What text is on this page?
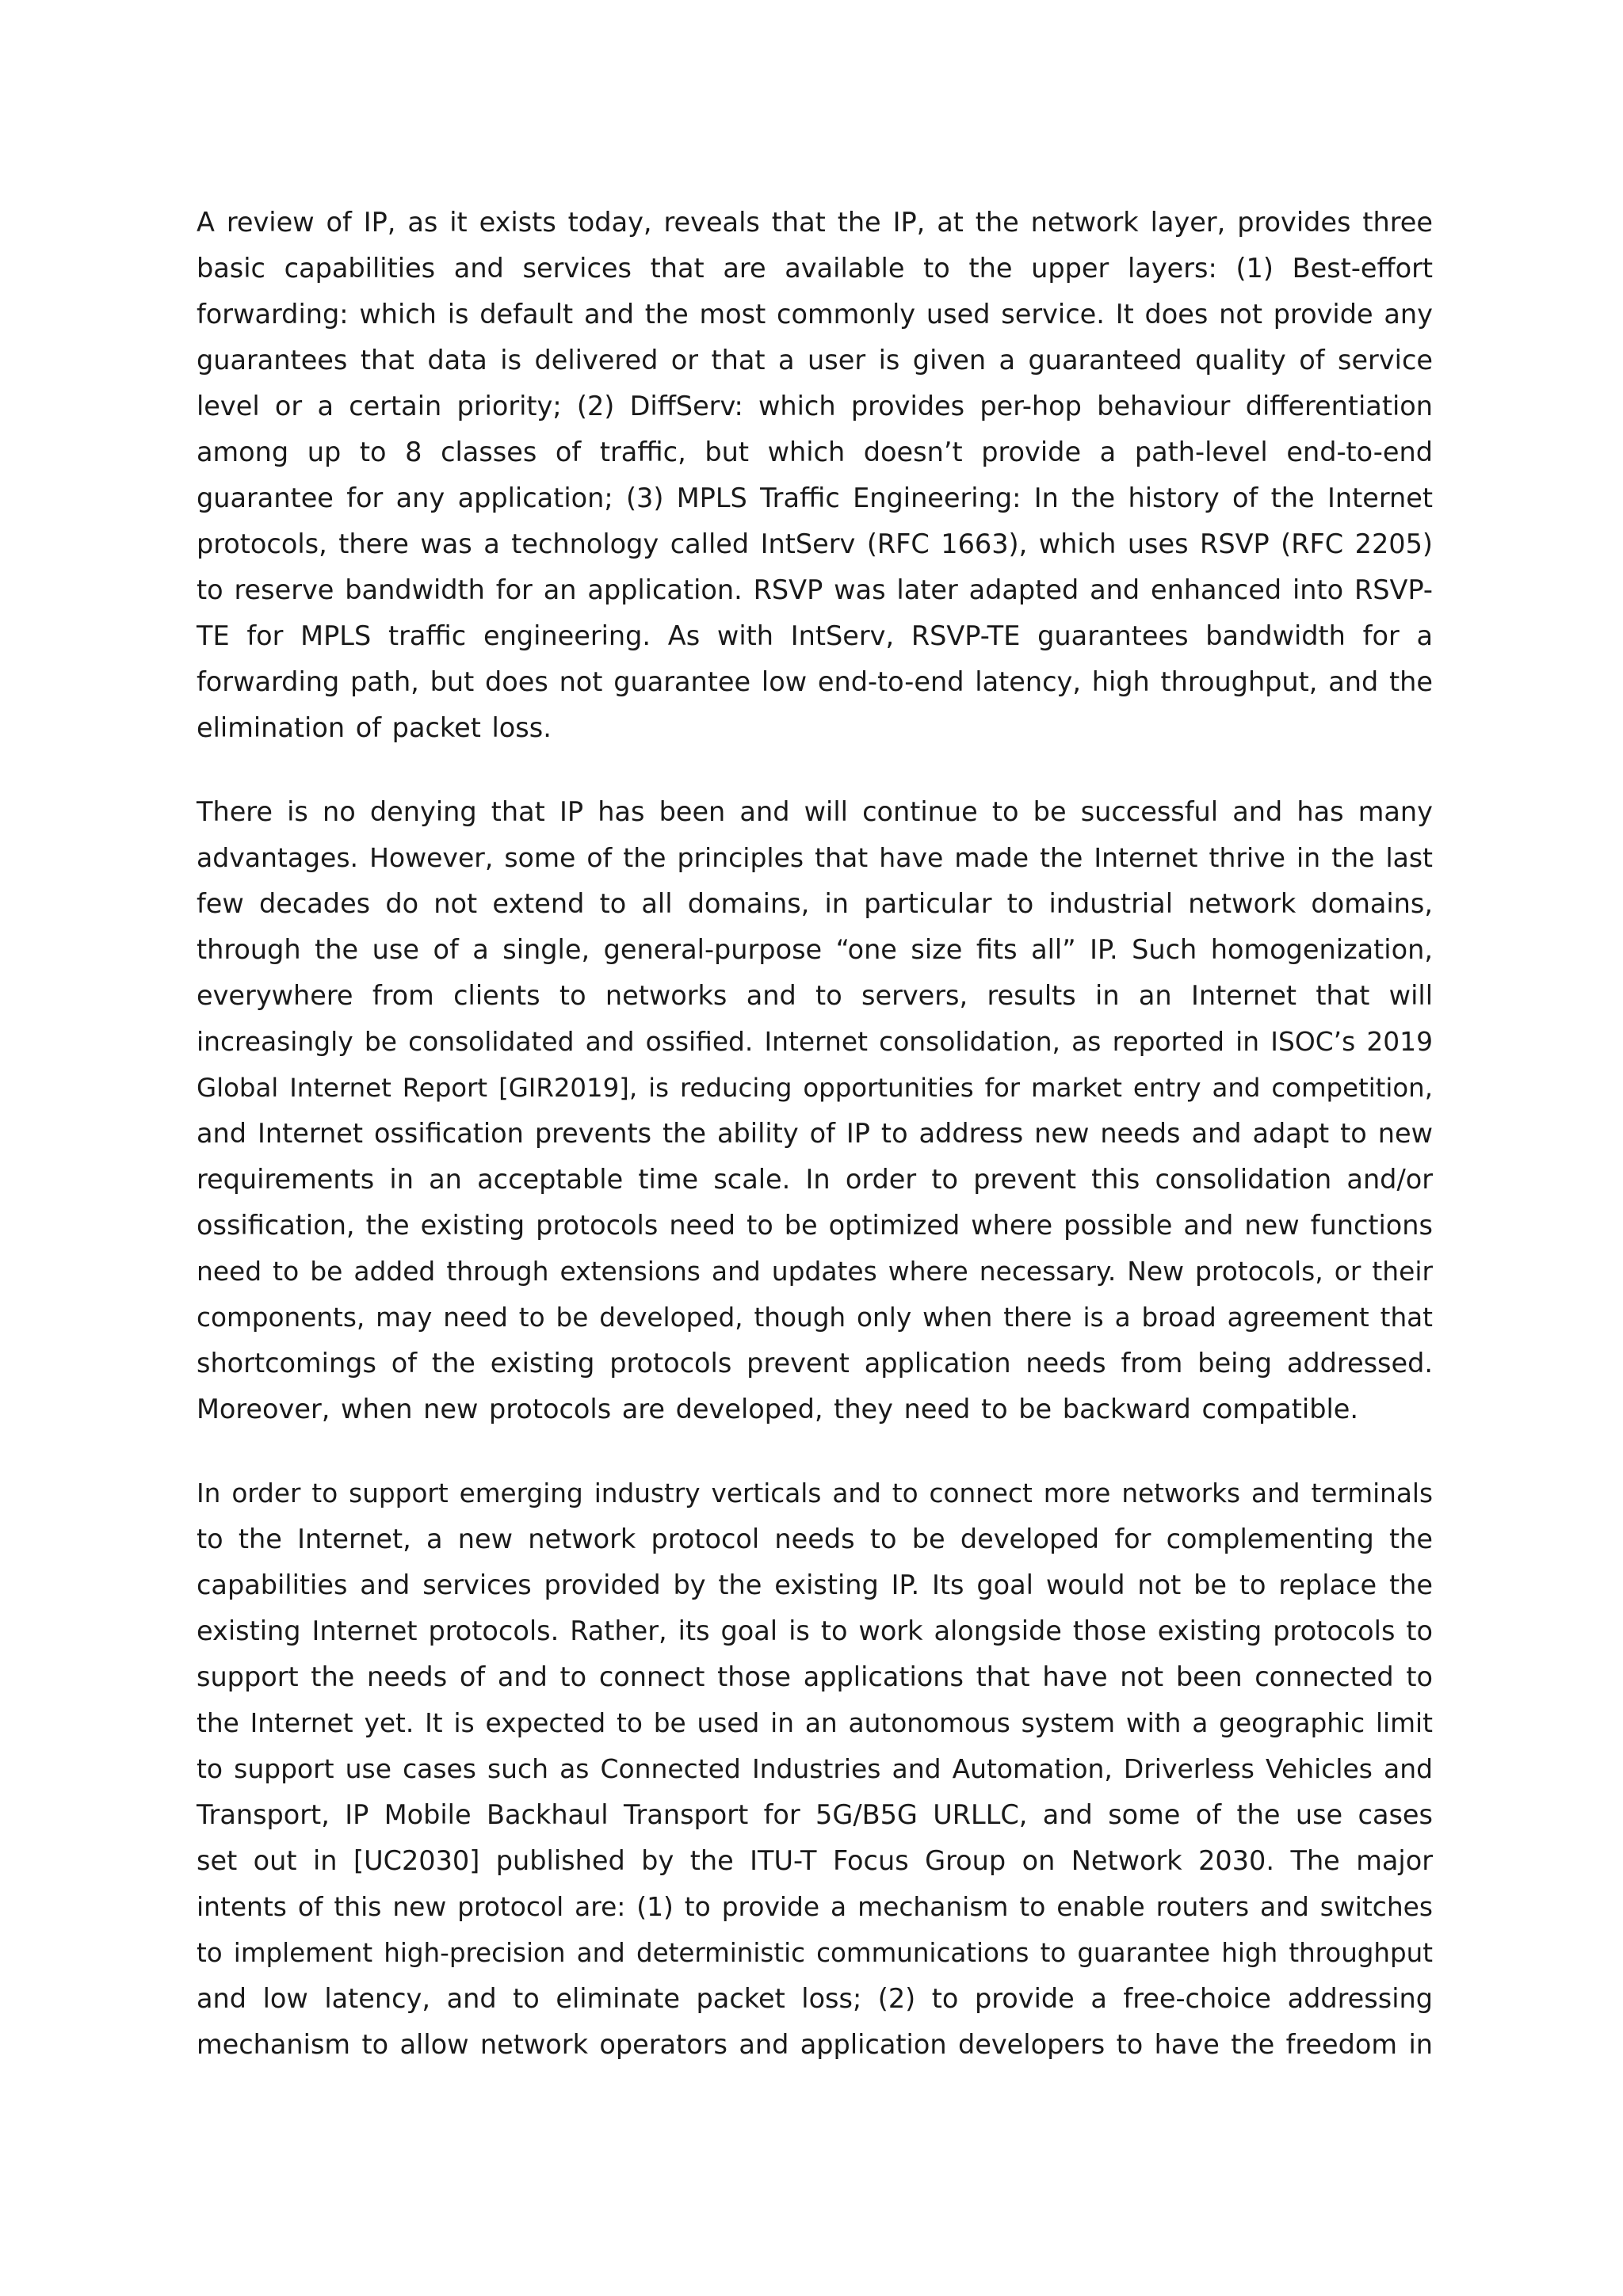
A review of IP, as it exists today, reveals that the IP, at the network layer, provides three
basic capabilities and services that are available to the upper layers: (1) Best-effort
forwarding: which is default and the most commonly used service. It does not provide any
guarantees that data is delivered or that a user is given a guaranteed quality of service
level or a certain priority; (2) DiffServ: which provides per-hop behaviour differentiation
among up to 8 classes of traffic, but which doesn’t provide a path-level end-to-end
guarantee for any application; (3) MPLS Traffic Engineering: In the history of the Internet
protocols, there was a technology called IntServ (RFC 1663), which uses RSVP (RFC 2205)
to reserve bandwidth for an application. RSVP was later adapted and enhanced into RSVP-
TE for MPLS traffic engineering. As with IntServ, RSVP-TE guarantees bandwidth for a
forwarding path, but does not guarantee low end-to-end latency, high throughput, and the
elimination of packet loss.

There is no denying that IP has been and will continue to be successful and has many
advantages. However, some of the principles that have made the Internet thrive in the last
few decades do not extend to all domains, in particular to industrial network domains,
through the use of a single, general-purpose “one size fits all” IP. Such homogenization,
everywhere from clients to networks and to servers, results in an Internet that will
increasingly be consolidated and ossified. Internet consolidation, as reported in ISOC’s 2019
Global Internet Report [GIR2019], is reducing opportunities for market entry and competition,
and Internet ossification prevents the ability of IP to address new needs and adapt to new
requirements in an acceptable time scale. In order to prevent this consolidation and/or
ossification, the existing protocols need to be optimized where possible and new functions
need to be added through extensions and updates where necessary. New protocols, or their
components, may need to be developed, though only when there is a broad agreement that
shortcomings of the existing protocols prevent application needs from being addressed.
Moreover, when new protocols are developed, they need to be backward compatible.

In order to support emerging industry verticals and to connect more networks and terminals
to the Internet, a new network protocol needs to be developed for complementing the
capabilities and services provided by the existing IP. Its goal would not be to replace the
existing Internet protocols. Rather, its goal is to work alongside those existing protocols to
support the needs of and to connect those applications that have not been connected to
the Internet yet. It is expected to be used in an autonomous system with a geographic limit
to support use cases such as Connected Industries and Automation, Driverless Vehicles and
Transport, IP Mobile Backhaul Transport for 5G/B5G URLLC, and some of the use cases
set out in [UC2030] published by the ITU-T Focus Group on Network 2030. The major
intents of this new protocol are: (1) to provide a mechanism to enable routers and switches
to implement high-precision and deterministic communications to guarantee high throughput
and low latency, and to eliminate packet loss; (2) to provide a free-choice addressing
mechanism to allow network operators and application developers to have the freedom in
